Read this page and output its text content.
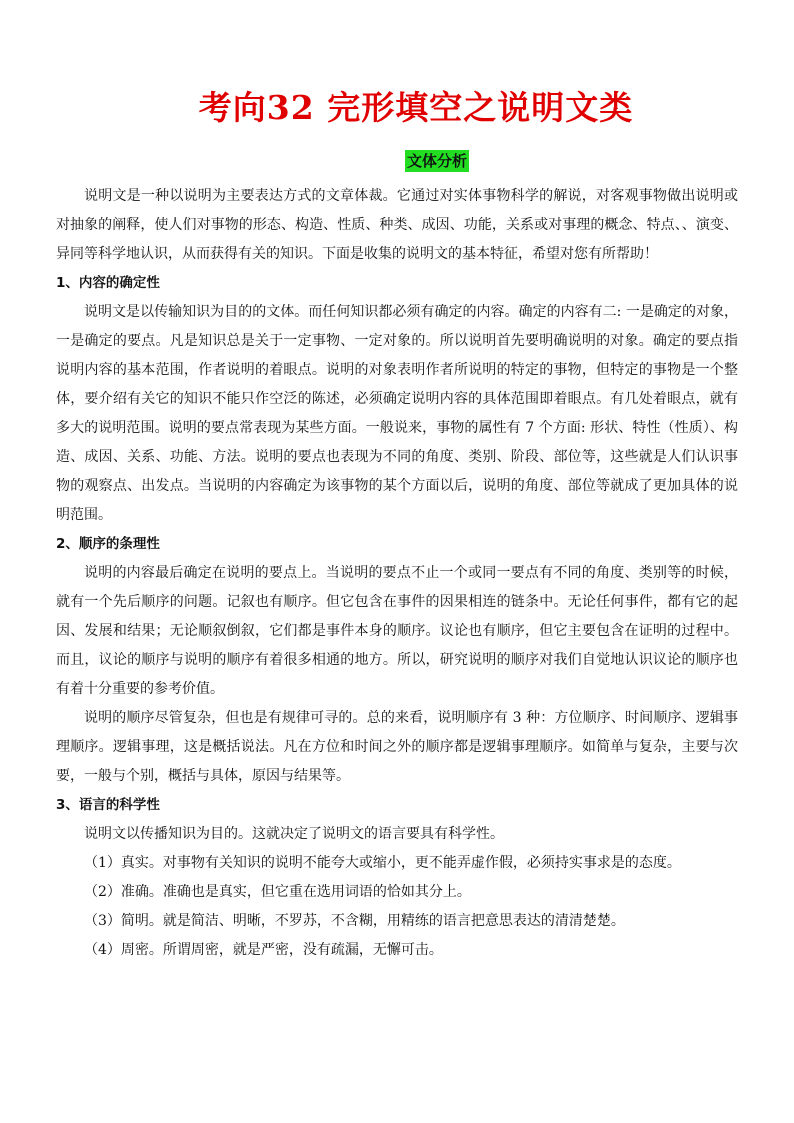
考向32 完形填空之说明文类
文体分析

说明文是一种以说明为主要表达方式的文章体裁。它通过对实体事物科学的解说，对客观事物做出说明或对抽象的阐释，使人们对事物的形态、构造、性质、种类、成因、功能，关系或对事理的概念、特点、、演变、异同等科学地认识，从而获得有关的知识。下面是收集的说明文的基本特征，希望对您有所帮助！

1、内容的确定性

说明文是以传输知识为目的的文体。而任何知识都必须有确定的内容。确定的内容有二: 一是确定的对象，一是确定的要点。凡是知识总是关于一定事物、一定对象的。所以说明首先要明确说明的对象。确定的要点指说明内容的基本范围，作者说明的着眼点。说明的对象表明作者所说明的特定的事物，但特定的事物是一个整体，要介绍有关它的知识不能只作空泛的陈述，必须确定说明内容的具体范围即着眼点。有几处着眼点，就有多大的说明范围。说明的要点常表现为某些方面。一般说来，事物的属性有 7 个方面: 形状、特性（性质）、构造、成因、关系、功能、方法。说明的要点也表现为不同的角度、类别、阶段、部位等，这些就是人们认识事物的观察点、出发点。当说明的内容确定为该事物的某个方面以后，说明的角度、部位等就成了更加具体的说明范围。

2、顺序的条理性

说明的内容最后确定在说明的要点上。当说明的要点不止一个或同一要点有不同的角度、类别等的时候，就有一个先后顺序的问题。记叙也有顺序。但它包含在事件的因果相连的链条中。无论任何事件，都有它的起因、发展和结果；无论顺叙倒叙，它们都是事件本身的顺序。议论也有顺序，但它主要包含在证明的过程中。而且，议论的顺序与说明的顺序有着很多相通的地方。所以，研究说明的顺序对我们自觉地认识议论的顺序也有着十分重要的参考价值。

说明的顺序尽管复杂，但也是有规律可寻的。总的来看，说明顺序有 3 种：方位顺序、时间顺序、逻辑事理顺序。逻辑事理，这是概括说法。凡在方位和时间之外的顺序都是逻辑事理顺序。如简单与复杂，主要与次要，一般与个别，概括与具体，原因与结果等。

3、语言的科学性

说明文以传播知识为目的。这就决定了说明文的语言要具有科学性。

（1）真实。对事物有关知识的说明不能夸大或缩小，更不能弄虚作假，必须持实事求是的态度。

（2）准确。准确也是真实，但它重在选用词语的恰如其分上。

（3）简明。就是简洁、明晰，不罗苏，不含糊，用精练的语言把意思表达的清清楚楚。

（4）周密。所谓周密，就是严密，没有疏漏，无懈可击。
